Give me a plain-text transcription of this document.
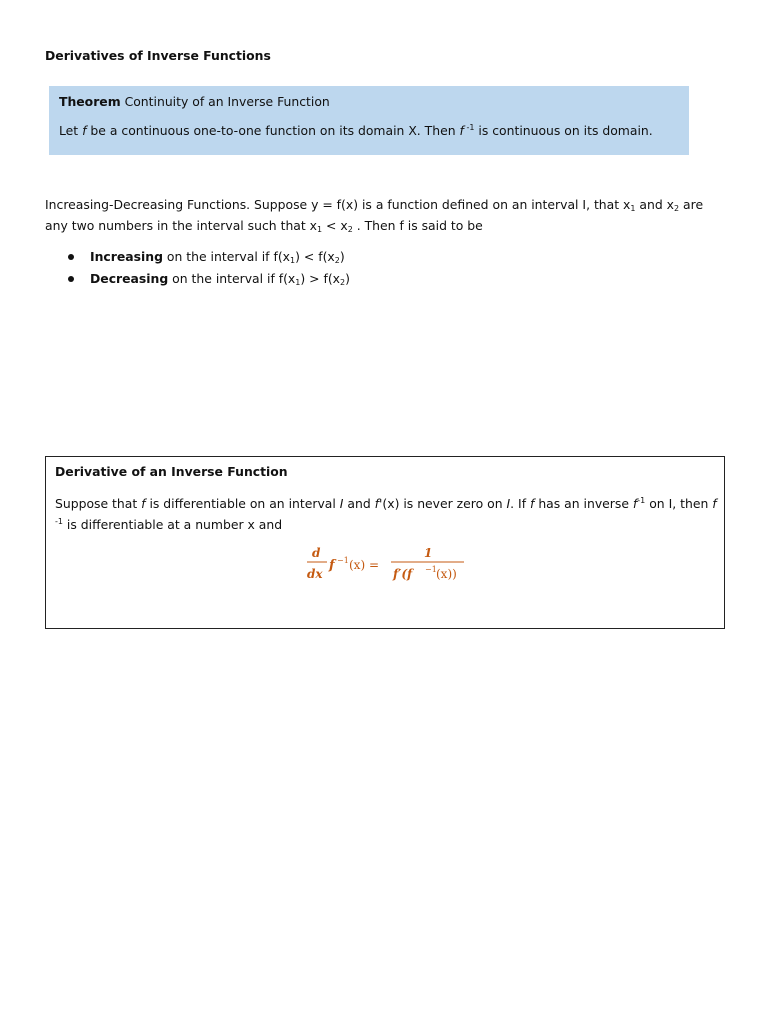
Derivatives of Inverse Functions
Theorem Continuity of an Inverse Function
Let f be a continuous one-to-one function on its domain X. Then f $^{-1}$ is continuous on its domain.
Increasing-Decreasing Functions. Suppose y = f(x) is a function defined on an interval I, that $x_1$ and $x_2$ are any two numbers in the interval such that $x_1 < x_2$ . Then f is said to be
Increasing on the interval if $f(x_1) < f(x_2)$
Decreasing on the interval if $f(x_1) > f(x_2)$
Derivative of an Inverse Function
Suppose that f is differentiable on an interval I and f'(x) is never zero on I. If f has an inverse $f^{-1}$ on I, then f $^{-1}$ is differentiable at a number x and
d
dx
f −1 (x) =
1
f′(f −1 (x))
